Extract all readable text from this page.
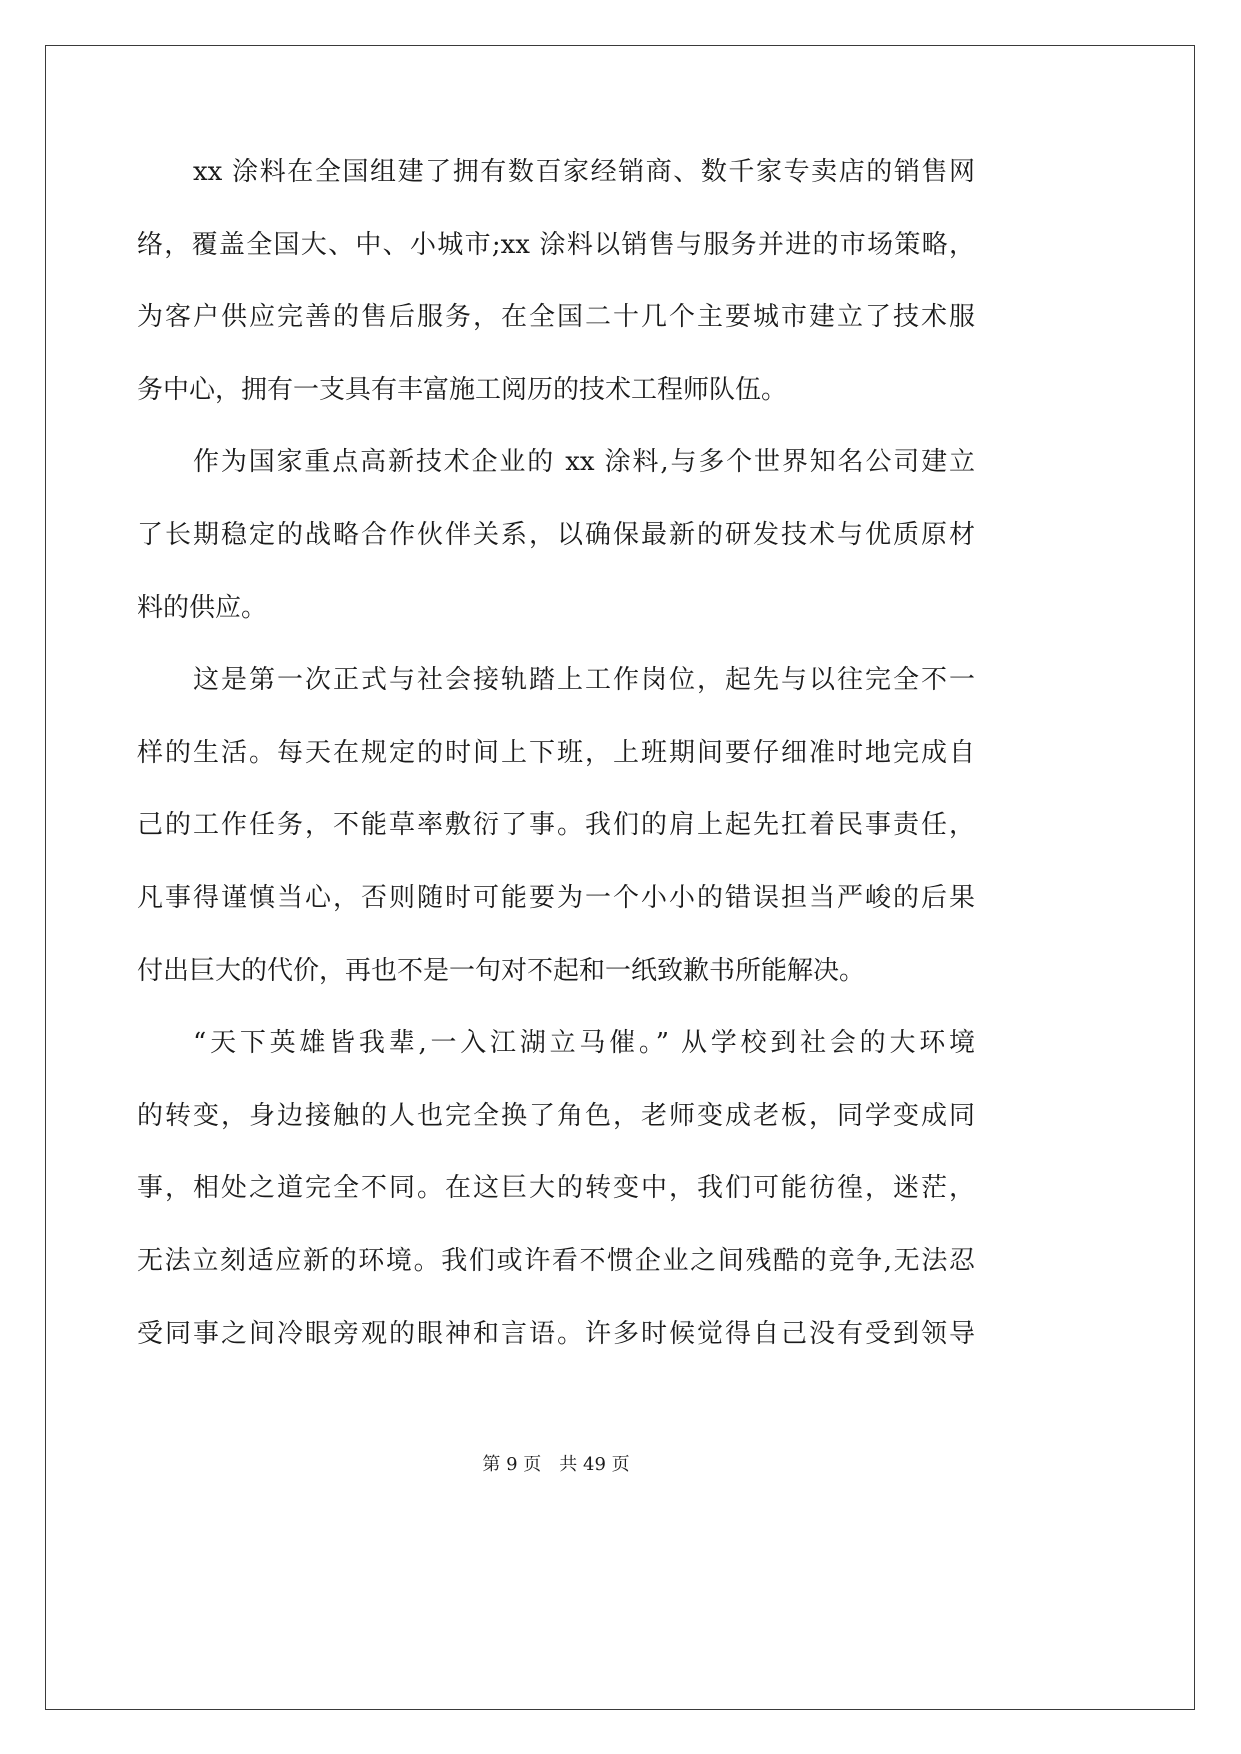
xx 涂料在全国组建了拥有数百家经销商、数千家专卖店的销售网
络，覆盖全国大、中、小城市;xx 涂料以销售与服务并进的市场策略，
为客户供应完善的售后服务，在全国二十几个主要城市建立了技术服
务中心，拥有一支具有丰富施工阅历的技术工程师队伍。
作为国家重点高新技术企业的 xx 涂料,与多个世界知名公司建立
了长期稳定的战略合作伙伴关系，以确保最新的研发技术与优质原材
料的供应。
这是第一次正式与社会接轨踏上工作岗位，起先与以往完全不一
样的生活。每天在规定的时间上下班，上班期间要仔细准时地完成自
己的工作任务，不能草率敷衍了事。我们的肩上起先扛着民事责任，
凡事得谨慎当心，否则随时可能要为一个小小的错误担当严峻的后果
付出巨大的代价，再也不是一句对不起和一纸致歉书所能解决。
“天下英雄皆我辈,一入江湖立马催。” 从学校到社会的大环境
的转变，身边接触的人也完全换了角色，老师变成老板，同学变成同
事，相处之道完全不同。在这巨大的转变中，我们可能彷徨，迷茫，
无法立刻适应新的环境。我们或许看不惯企业之间残酷的竞争,无法忍
受同事之间冷眼旁观的眼神和言语。许多时候觉得自己没有受到领导
第 9 页 共 49 页
